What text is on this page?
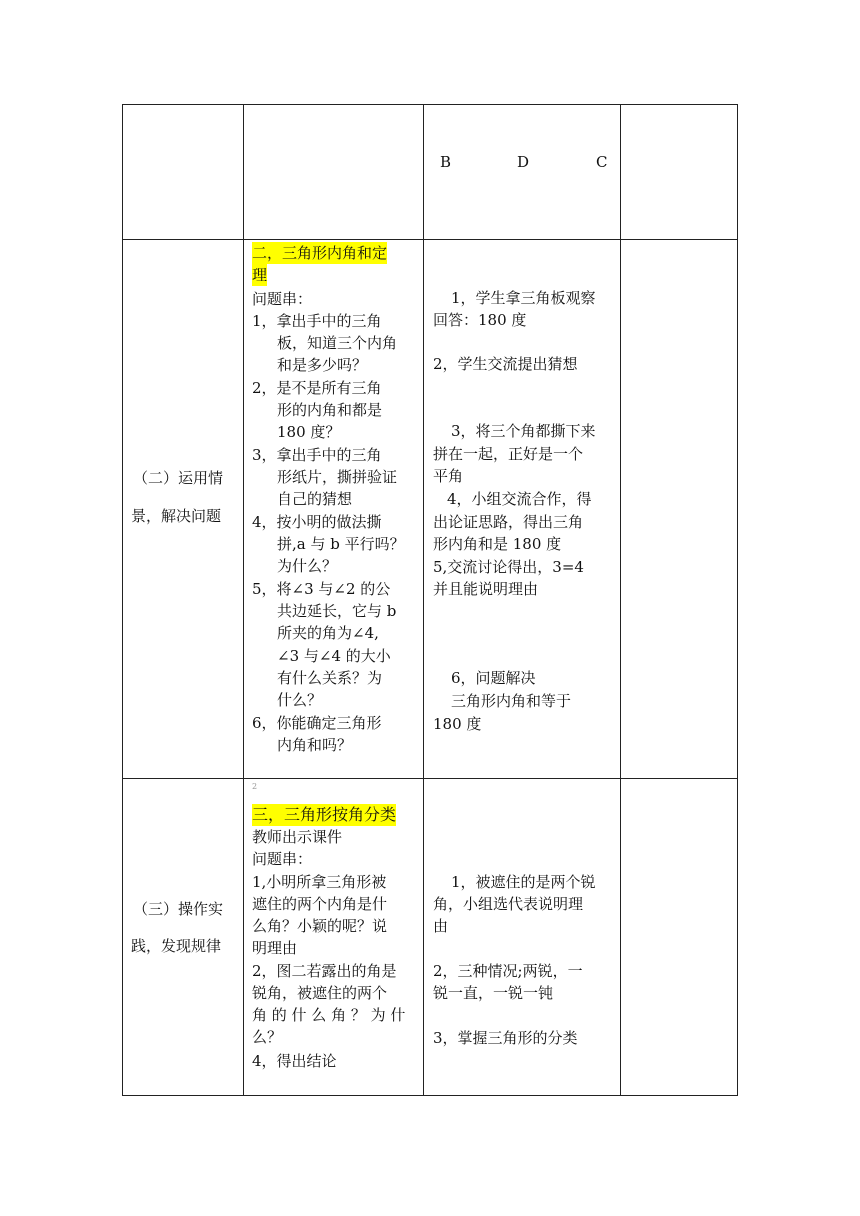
B	D	C
（二）运用情
景，解决问题
二，三角形内角和定
理
问题串：
1，拿出手中的三角
板，知道三个内角
和是多少吗？
2，是不是所有三角
形的内角和都是
180 度？
3，拿出手中的三角
形纸片，撕拼验证
自己的猜想
4，按小明的做法撕
拼,a 与 b 平行吗？
为什么？
5，将∠3 与∠2 的公
共边延长，它与 b
所夹的角为∠4,
∠3 与∠4 的大小
有什么关系？为
什么？
6，你能确定三角形
内角和吗？
1，学生拿三角板观察
回答：180 度
2，学生交流提出猜想
3，将三个角都撕下来
拼在一起，正好是一个
平角
4，小组交流合作，得
出论证思路，得出三角
形内角和是 180 度
5,交流讨论得出，3=4
并且能说明理由
6，问题解决
三角形内角和等于
180 度
2
（三）操作实
践，发现规律
三，三角形按角分类
教师出示课件
问题串：
1,小明所拿三角形被
遮住的两个内角是什
么角？小颖的呢？说
明理由
2，图二若露出的角是
锐角，被遮住的两个
角 的 什 么 角 ？ 为 什
么？
4，得出结论
1，被遮住的是两个锐
角，小组选代表说明理
由
2，三种情况;两锐，一
锐一直，一锐一钝
3，掌握三角形的分类
